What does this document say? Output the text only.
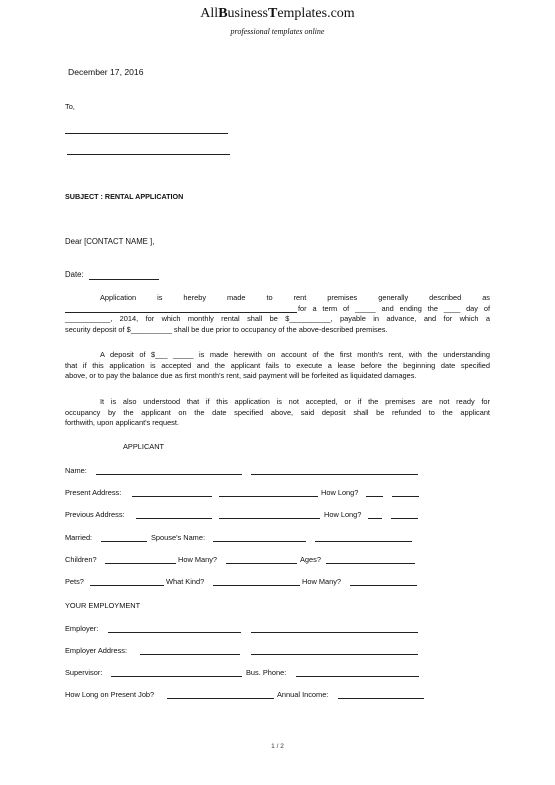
AllBusinessTemplates.com
professional templates online
December 17, 2016
To,
SUBJECT : RENTAL APPLICATION
Dear [CONTACT NAME ],
Date:
Application is hereby made to rent premises generally described as
for a term of _____ and ending the ____ day of
___________, 2014, for which monthly rental shall be $__________, payable in advance, and for which a
security deposit of $__________ shall be due prior to occupancy of the above-described premises.
A deposit of $___ _____ is made herewith on account of the first month's rent, with the understanding
that if this application is accepted and the applicant fails to execute a lease before the beginning date specified
above, or to pay the balance due as first month's rent, said payment will be forfeited as liquidated damages.
It is also understood that if this application is not accepted, or if the premises are not ready for
occupancy by the applicant on the date specified above, said deposit shall be refunded to the applicant
forthwith, upon applicant's request.
APPLICANT
Name:
Present Address:	How Long?
Previous Address:	How Long?
Married:	Spouse's Name:
Children?	How Many?	Ages?
Pets?	What Kind?	How Many?
YOUR EMPLOYMENT
Employer:
Employer Address:
Supervisor:	Bus. Phone:
How Long on Present Job?	Annual Income:
1 / 2
